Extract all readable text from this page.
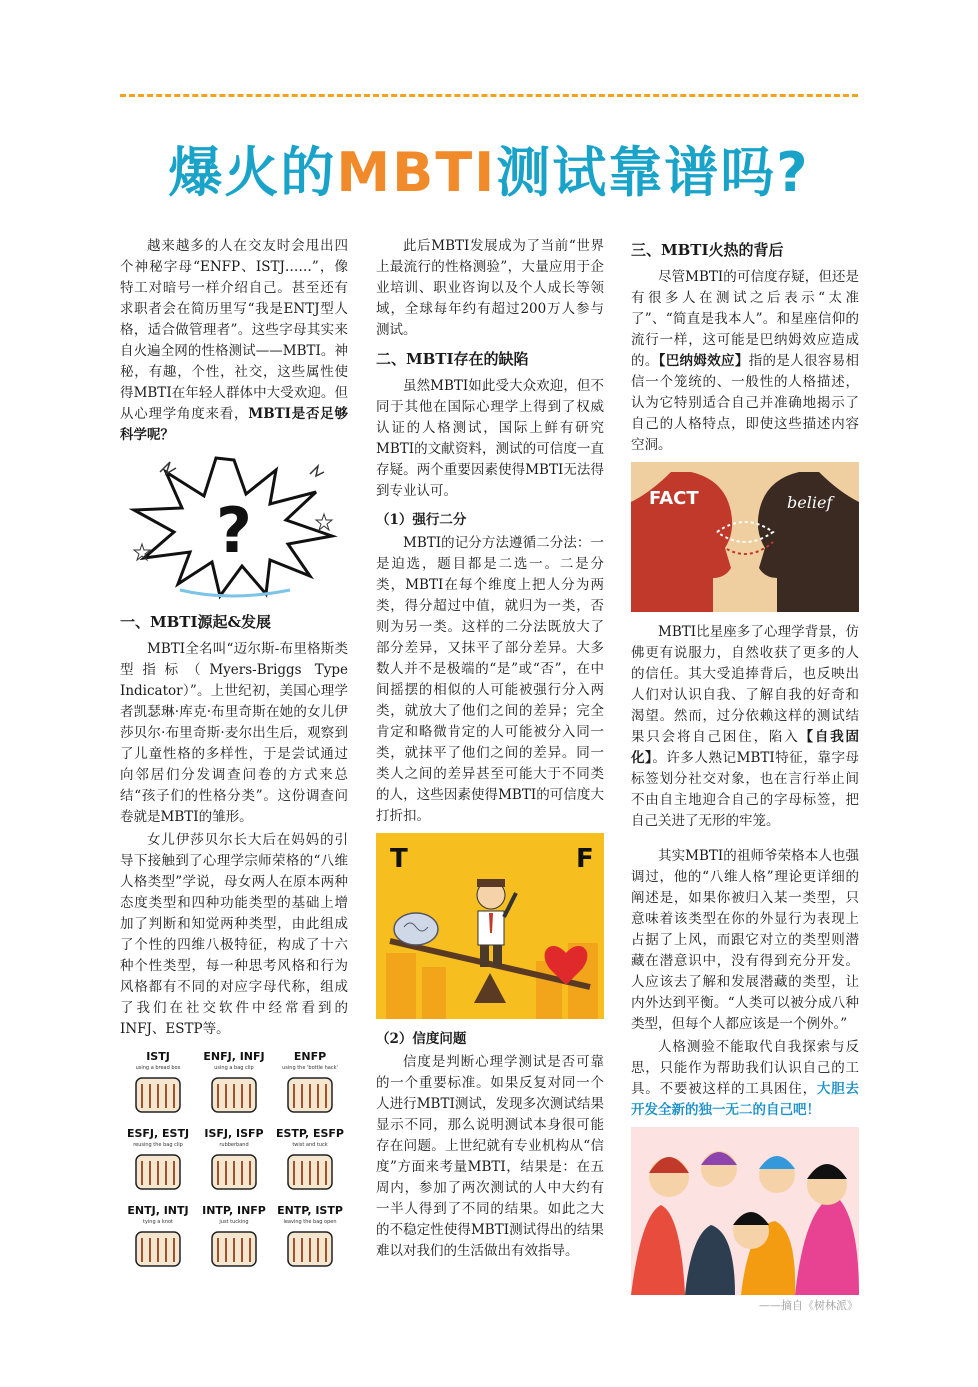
爆火的MBTI测试靠谱吗?

越来越多的人在交友时会甩出四个神秘字母“ENFP、ISTJ……”，像特工对暗号一样介绍自己。甚至还有求职者会在简历里写“我是ENTJ型人格，适合做管理者”。这些字母其实来自火遍全网的性格测试——MBTI。神秘，有趣，个性，社交，这些属性使得MBTI在年轻人群体中大受欢迎。但从心理学角度来看，MBTI是否足够科学呢？

?
一、MBTI源起&发展

MBTI全名叫“迈尔斯-布里格斯类型指标（Myers-Briggs Type Indicator）”。上世纪初，美国心理学者凯瑟琳·库克·布里奇斯在她的女儿伊莎贝尔·布里奇斯·麦尔出生后，观察到了儿童性格的多样性，于是尝试通过向邻居们分发调查问卷的方式来总结“孩子们的性格分类”。这份调查问卷就是MBTI的雏形。

女儿伊莎贝尔长大后在妈妈的引导下接触到了心理学宗师荣格的“八维人格类型”学说，母女两人在原本两种态度类型和四种功能类型的基础上增加了判断和知觉两种类型，由此组成了个性的四维八极特征，构成了十六种个性类型，每一种思考风格和行为风格都有不同的对应字母代称，组成了我们在社交软件中经常看到的INFJ、ESTP等。

ISTJ
using a bread box
ENFJ, INFJ
using a bag clip
ENFP
using the 'bottle hack'
ESFJ, ESTJ
reusing the bag clip
ISFJ, ISFP
rubberband
ESTP, ESFP
twist and tuck
ENTJ, INTJ
tying a knot
INTP, INFP
just tucking
ENTP, ISTP
leaving the bag open

此后MBTI发展成为了当前“世界上最流行的性格测验”，大量应用于企业培训、职业咨询以及个人成长等领域，全球每年约有超过200万人参与测试。

二、MBTI存在的缺陷

虽然MBTI如此受大众欢迎，但不同于其他在国际心理学上得到了权威认证的人格测试，国际上鲜有研究MBTI的文献资料，测试的可信度一直存疑。两个重要因素使得MBTI无法得到专业认可。

（1）强行二分

MBTI的记分方法遵循二分法：一是迫选，题目都是二选一。二是分类，MBTI在每个维度上把人分为两类，得分超过中值，就归为一类，否则为另一类。这样的二分法既放大了部分差异，又抹平了部分差异。大多数人并不是极端的“是”或“否”，在中间摇摆的相似的人可能被强行分入两类，就放大了他们之间的差异；完全肯定和略微肯定的人可能被分入同一类，就抹平了他们之间的差异。同一类人之间的差异甚至可能大于不同类的人，这些因素使得MBTI的可信度大打折扣。

T	F
（2）信度问题

信度是判断心理学测试是否可靠的一个重要标准。如果反复对同一个人进行MBTI测试，发现多次测试结果显示不同，那么说明测试本身很可能存在问题。上世纪就有专业机构从“信度”方面来考量MBTI，结果是：在五周内，参加了两次测试的人中大约有一半人得到了不同的结果。如此之大的不稳定性使得MBTI测试得出的结果难以对我们的生活做出有效指导。

三、MBTI火热的背后

尽管MBTI的可信度存疑，但还是有很多人在测试之后表示“太准了”、“简直是我本人”。和星座信仰的流行一样，这可能是巴纳姆效应造成的。【巴纳姆效应】指的是人很容易相信一个笼统的、一般性的人格描述，认为它特别适合自己并准确地揭示了自己的人格特点，即使这些描述内容空洞。

FACT	belief

MBTI比星座多了心理学背景，仿佛更有说服力，自然收获了更多的人的信任。其大受追捧背后，也反映出人们对认识自我、了解自我的好奇和渴望。然而，过分依赖这样的测试结果只会将自己困住，陷入【自我固化】。许多人熟记MBTI特征，靠字母标签划分社交对象，也在言行举止间不由自主地迎合自己的字母标签，把自己关进了无形的牢笼。

其实MBTI的祖师爷荣格本人也强调过，他的“八维人格”理论更详细的阐述是，如果你被归入某一类型，只意味着该类型在你的外显行为表现上占据了上风，而跟它对立的类型则潜藏在潜意识中，没有得到充分开发。人应该去了解和发展潜藏的类型，让内外达到平衡。“人类可以被分成八种类型，但每个人都应该是一个例外。”

人格测验不能取代自我探索与反思，只能作为帮助我们认识自己的工具。不要被这样的工具困住，大胆去开发全新的独一无二的自己吧！

——摘自《树林派》
